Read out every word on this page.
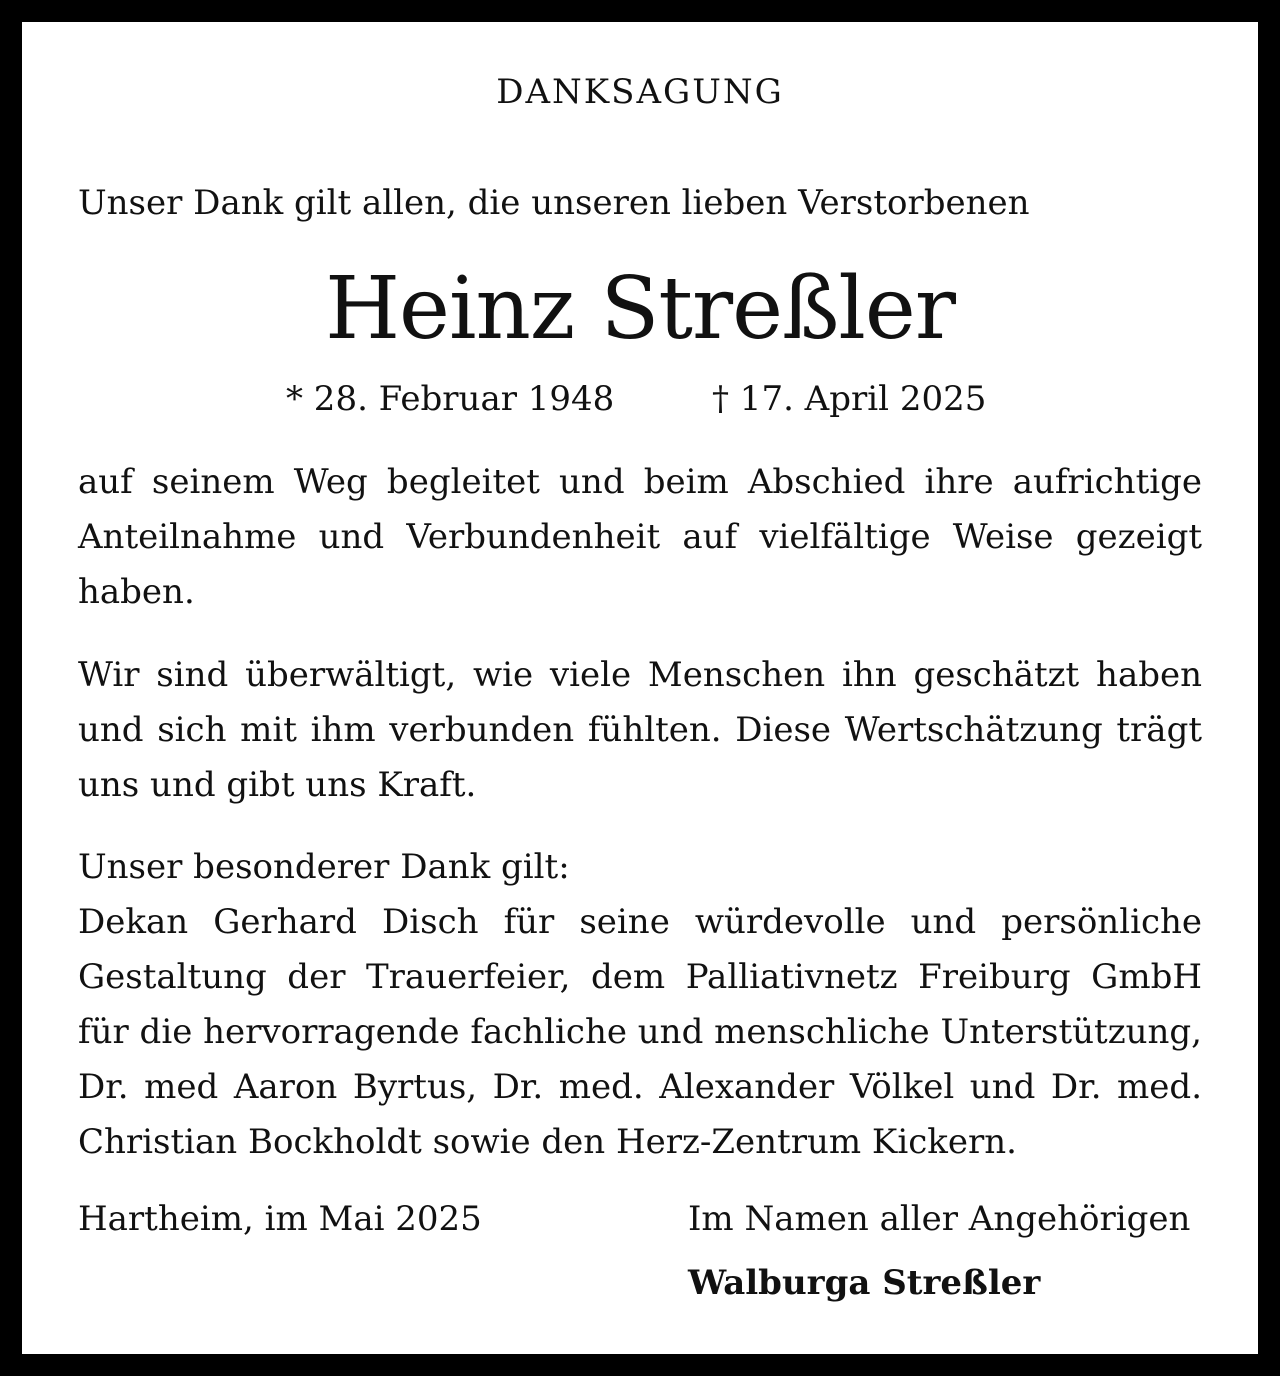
DANKSAGUNG
Unser Dank gilt allen, die unseren lieben Verstorbenen
Heinz Streßler
* 28. Februar 1948	† 17. April 2025

auf seinem Weg begleitet und beim Abschied ihre aufrichtige Anteilnahme und Verbundenheit auf vielfältige Weise gezeigt haben.

Wir sind überwältigt, wie viele Menschen ihn geschätzt haben und sich mit ihm verbunden fühlten. Diese Wertschätzung trägt uns und gibt uns Kraft.

Unser besonderer Dank gilt:

Dekan Gerhard Disch für seine würdevolle und persönliche Gestaltung der Trauerfeier, dem Palliativnetz Freiburg GmbH für die hervorragende fachliche und menschliche Unterstützung, Dr. med Aaron Byrtus, Dr. med. Alexander Völkel und Dr. med. Christian Bockholdt sowie den Herz-Zentrum Kickern.

Hartheim, im Mai 2025	Im Namen aller Angehörigen
Walburga Streßler
